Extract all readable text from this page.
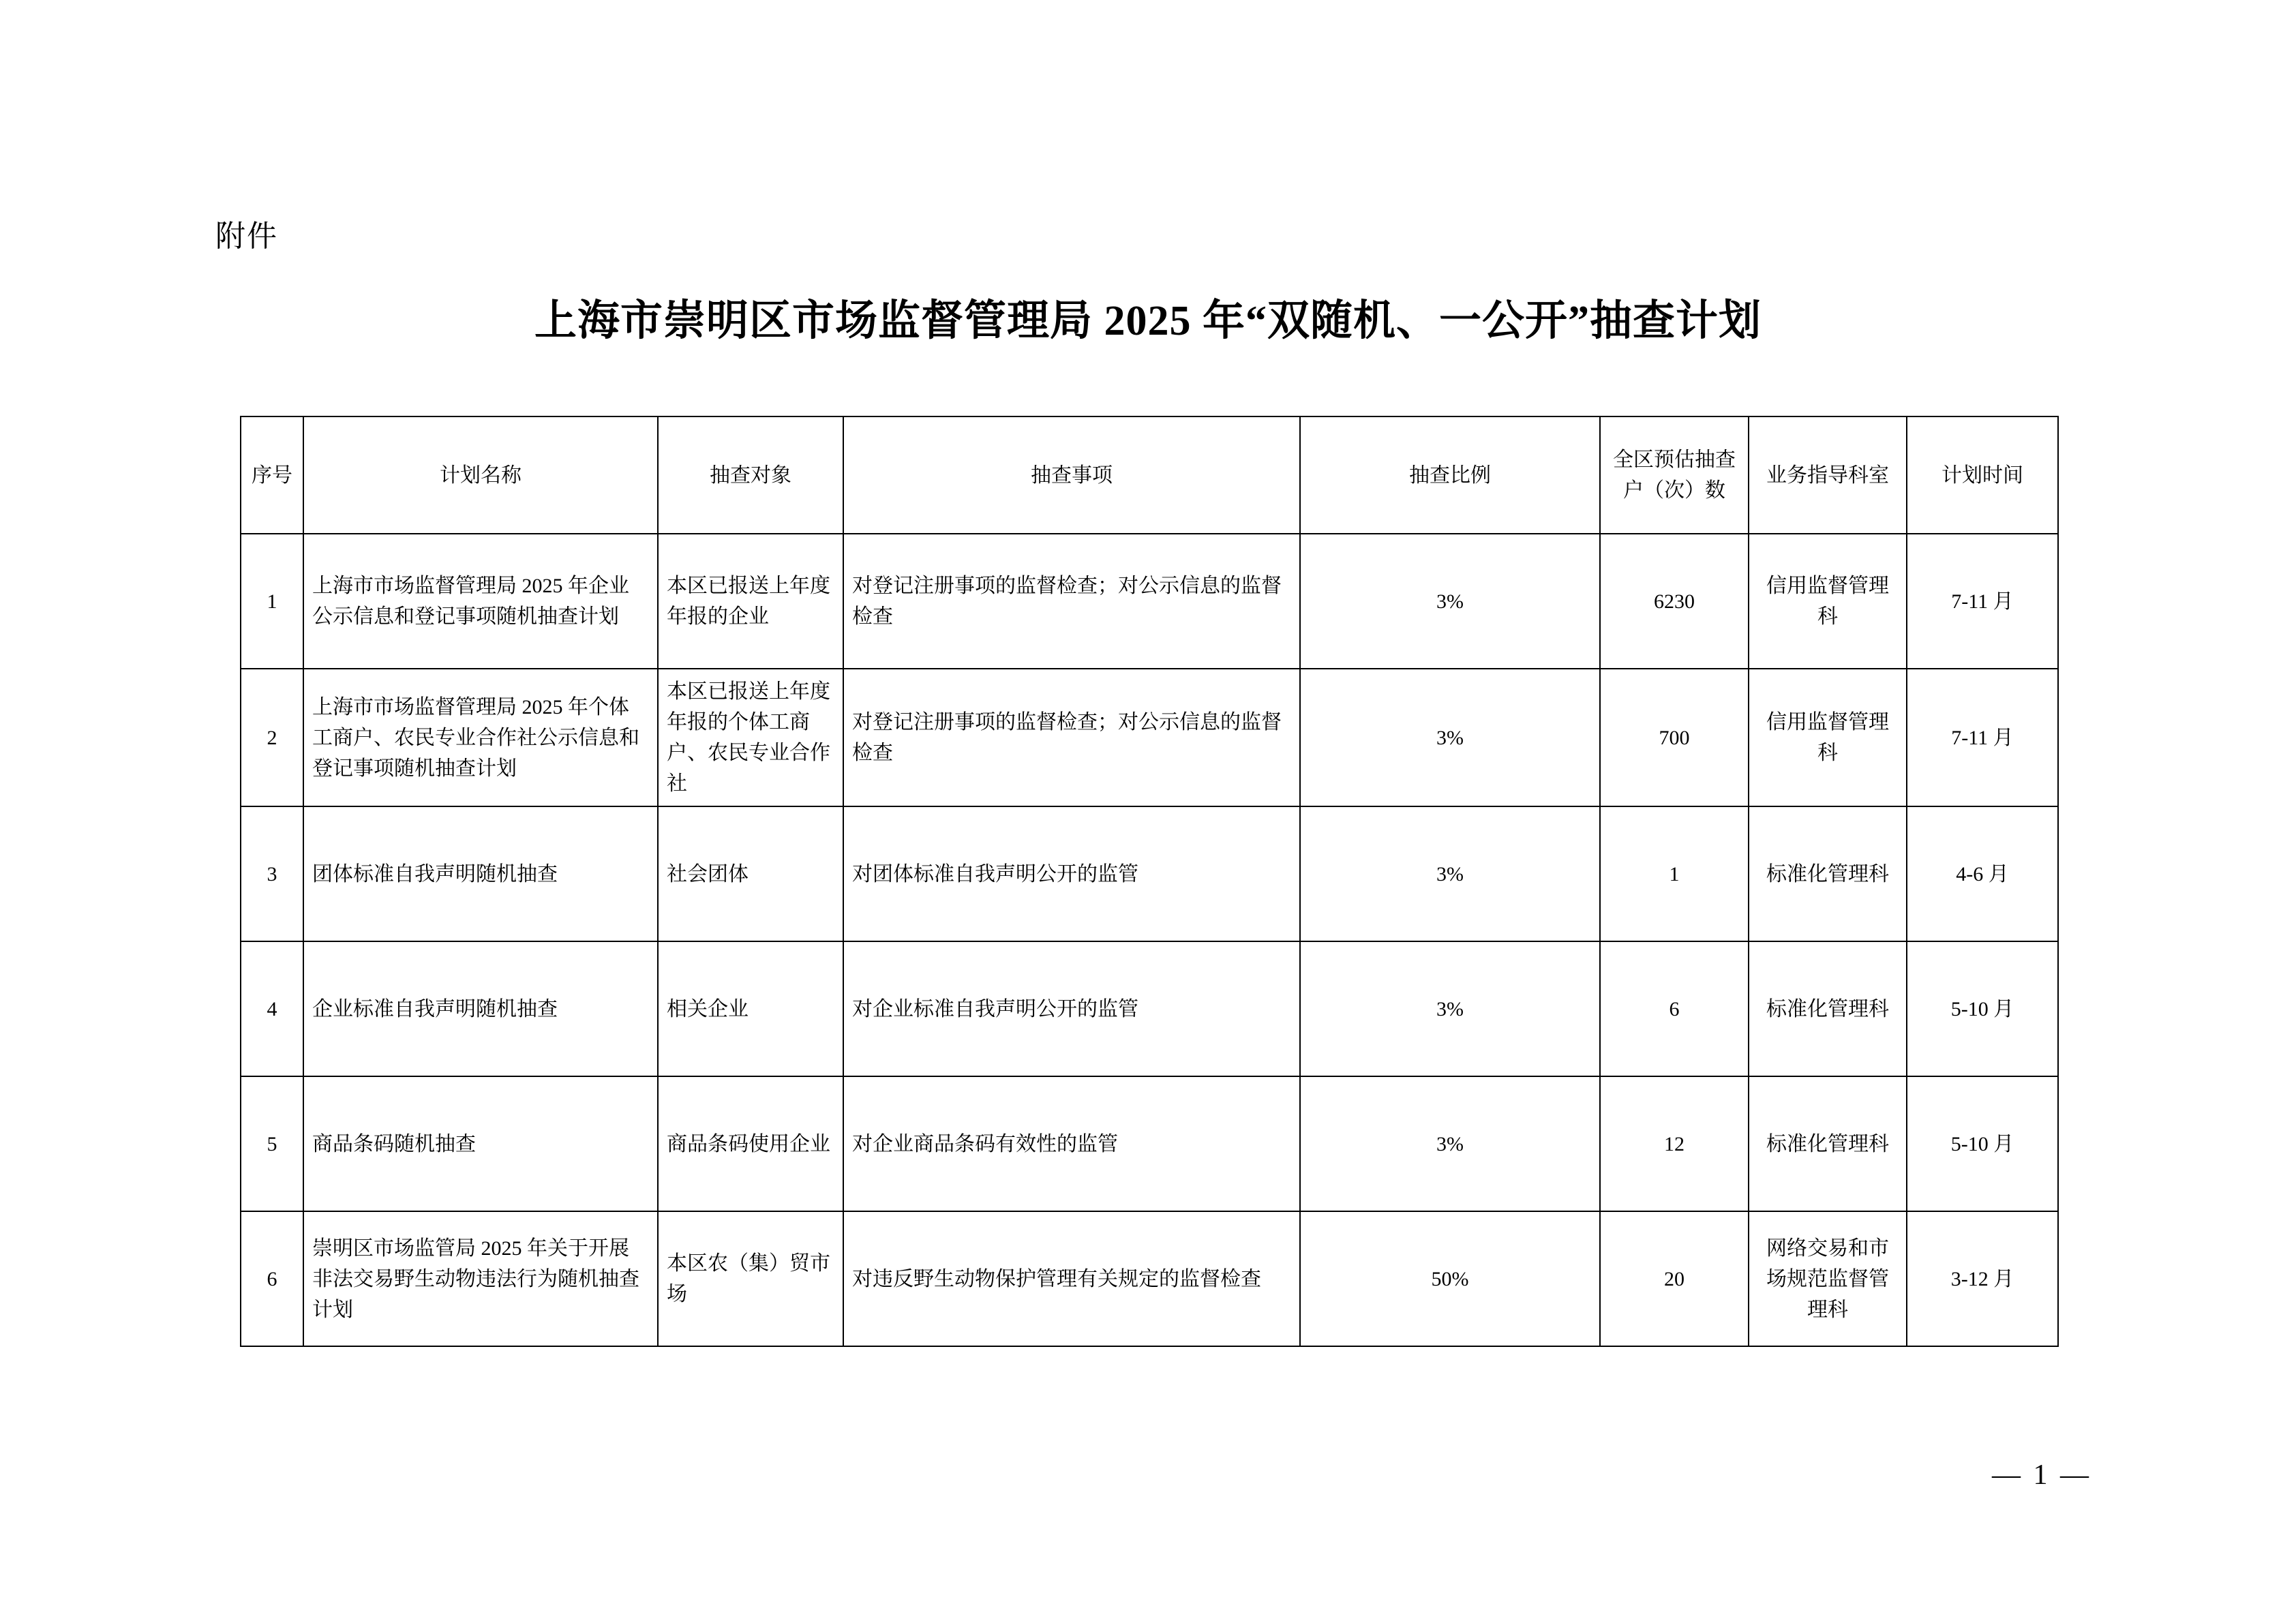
附件
上海市崇明区市场监督管理局 2025 年“双随机、一公开”抽查计划
序号	计划名称	抽查对象	抽查事项	抽查比例	全区预估抽查户（次）数	业务指导科室	计划时间
1	上海市市场监督管理局 2025 年企业公示信息和登记事项随机抽查计划	本区已报送上年度年报的企业	对登记注册事项的监督检查；对公示信息的监督检查	3%	6230	信用监督管理科	7-11 月
2	上海市市场监督管理局 2025 年个体工商户、农民专业合作社公示信息和登记事项随机抽查计划	本区已报送上年度年报的个体工商户、农民专业合作社	对登记注册事项的监督检查；对公示信息的监督检查	3%	700	信用监督管理科	7-11 月
3	团体标准自我声明随机抽查	社会团体	对团体标准自我声明公开的监管	3%	1	标准化管理科	4-6 月
4	企业标准自我声明随机抽查	相关企业	对企业标准自我声明公开的监管	3%	6	标准化管理科	5-10 月
5	商品条码随机抽查	商品条码使用企业	对企业商品条码有效性的监管	3%	12	标准化管理科	5-10 月
6	崇明区市场监管局 2025 年关于开展非法交易野生动物违法行为随机抽查计划	本区农（集）贸市场	对违反野生动物保护管理有关规定的监督检查	50%	20	网络交易和市场规范监督管理科	3-12 月
— 1 —
